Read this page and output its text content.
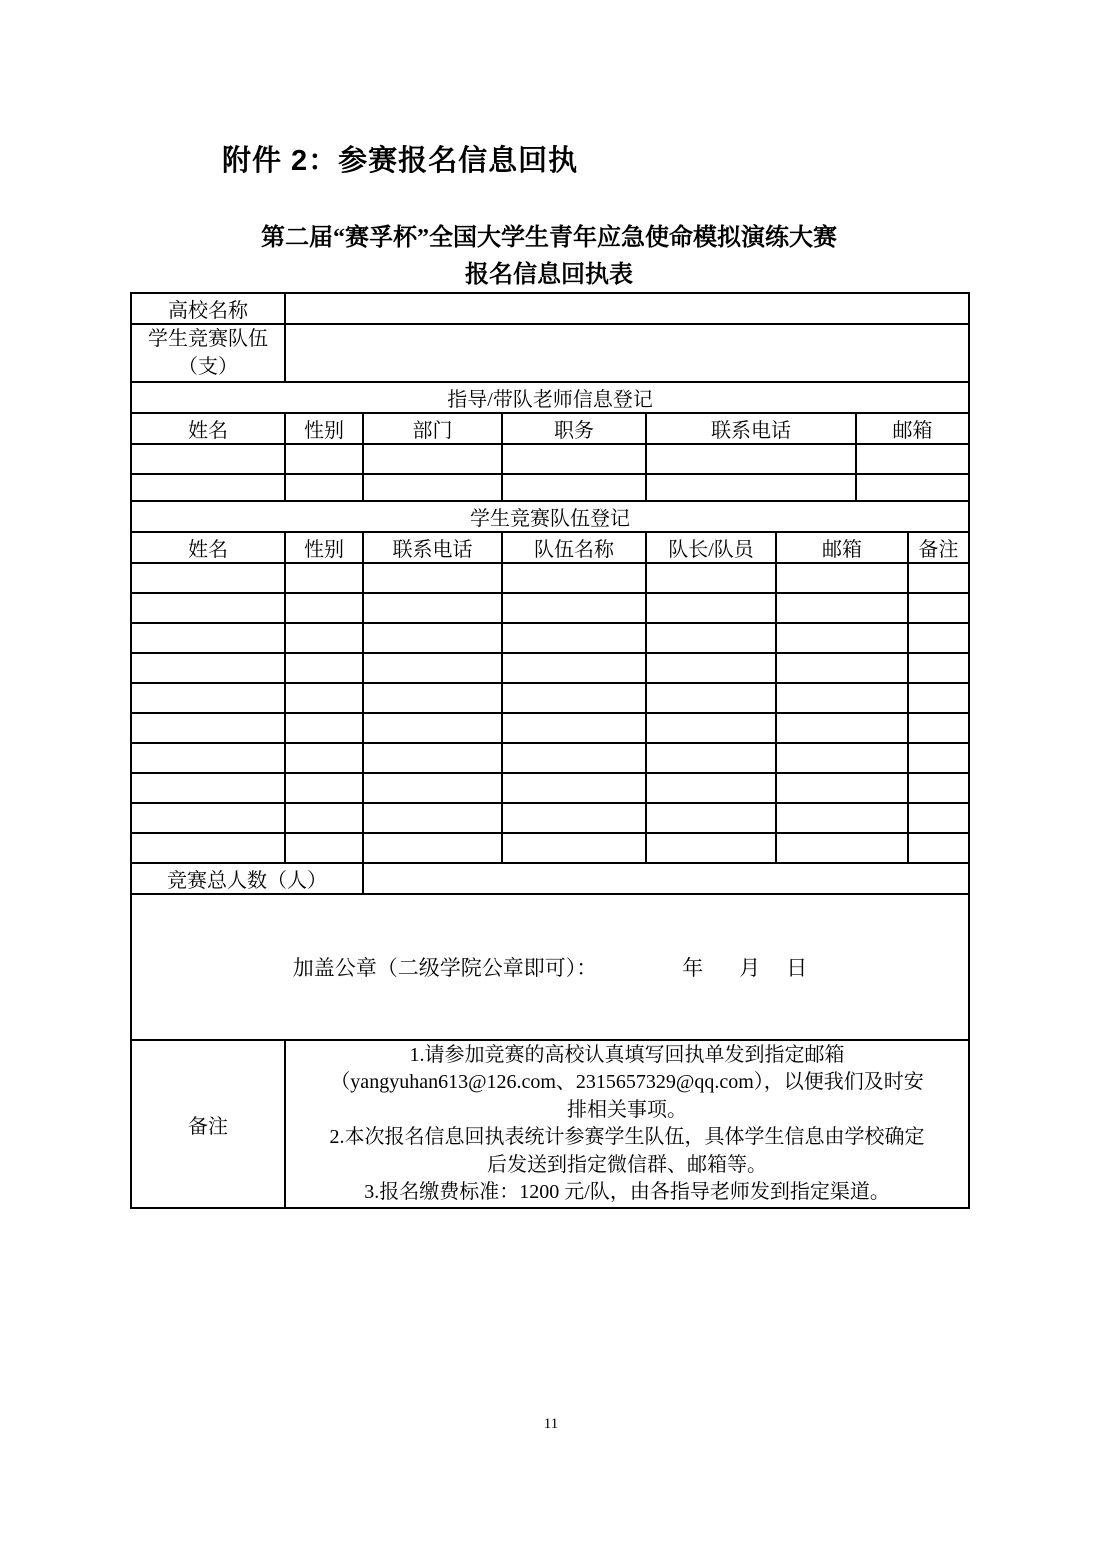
附件 2：参赛报名信息回执
第二届“赛孚杯”全国大学生青年应急使命模拟演练大赛
报名信息回执表
高校名称							

学生竞赛队伍
（支）							

指导/带队老师信息登记							
姓名	性别	部门	职务	联系电话		邮箱	

学生竞赛队伍登记							
姓名	性别	联系电话	队伍名称	队长/队员	邮箱		备注

竞赛总人数（人）							
加盖公章（二级学院公章即可）： 年 月 日							
备注	
1.请参加竞赛的高校认真填写回执单发到指定邮箱
（yangyuhan613@126.com、2315657329@qq.com），以便我们及时安
排相关事项。
2.本次报名信息回执表统计参赛学生队伍，具体学生信息由学校确定
后发送到指定微信群、邮箱等。
3.报名缴费标准：1200 元/队，由各指导老师发到指定渠道。
11
